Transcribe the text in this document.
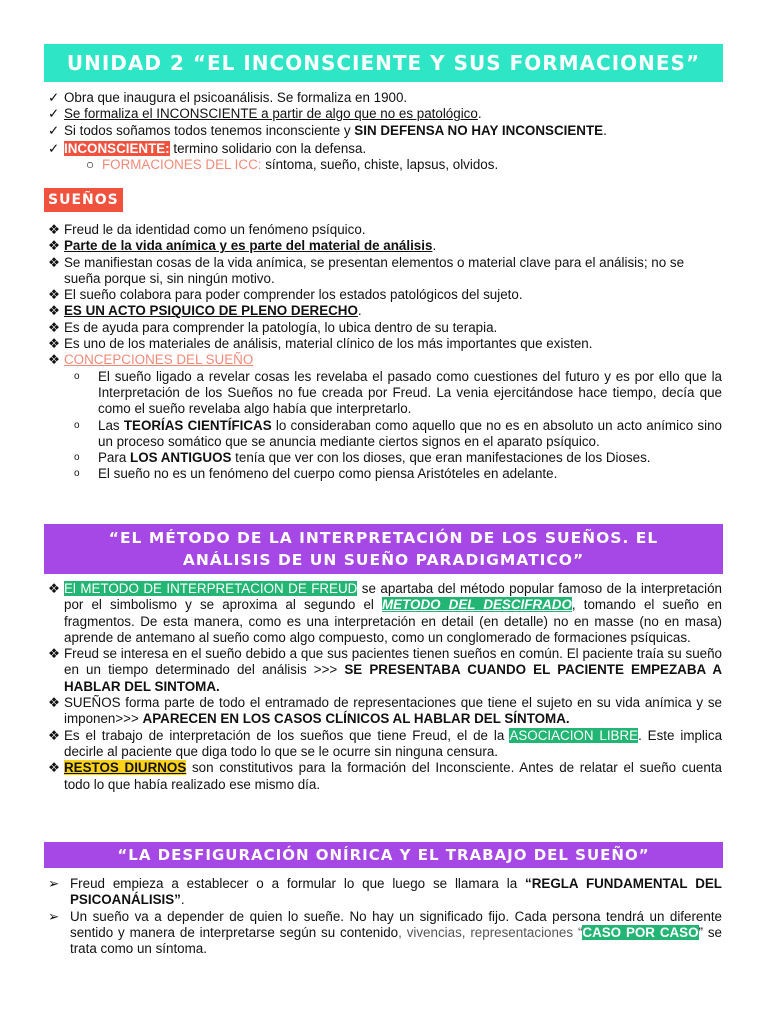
UNIDAD 2 “EL INCONSCIENTE Y SUS FORMACIONES”

✓ Obra que inaugura el psicoanálisis. Se formaliza en 1900.

✓ Se formaliza el INCONSCIENTE a partir de algo que no es patológico.

✓ Si todos soñamos todos tenemos inconsciente y SIN DEFENSA NO HAY INCONSCIENTE.

✓ INCONSCIENTE: termino solidario con la defensa.

○ FORMACIONES DEL ICC: síntoma, sueño, chiste, lapsus, olvidos.

SUEÑOS

❖ Freud le da identidad como un fenómeno psíquico.

❖ Parte de la vida anímica y es parte del material de análisis.

❖ Se manifiestan cosas de la vida anímica, se presentan elementos o material clave para el análisis; no se sueña porque si, sin ningún motivo.

❖ El sueño colabora para poder comprender los estados patológicos del sujeto.

❖ ES UN ACTO PSIQUICO DE PLENO DERECHO.

❖ Es de ayuda para comprender la patología, lo ubica dentro de su terapia.

❖ Es uno de los materiales de análisis, material clínico de los más importantes que existen.

❖ CONCEPCIONES DEL SUEÑO

o El sueño ligado a revelar cosas les revelaba el pasado como cuestiones del futuro y es por ello que la Interpretación de los Sueños no fue creada por Freud. La venia ejercitándose hace tiempo, decía que como el sueño revelaba algo había que interpretarlo.

o Las TEORÍAS CIENTÍFICAS lo consideraban como aquello que no es en absoluto un acto anímico sino un proceso somático que se anuncia mediante ciertos signos en el aparato psíquico.

o Para LOS ANTIGUOS tenía que ver con los dioses, que eran manifestaciones de los Dioses.

o El sueño no es un fenómeno del cuerpo como piensa Aristóteles en adelante.

“EL MÉTODO DE LA INTERPRETACIÓN DE LOS SUEÑOS. EL ANÁLISIS DE UN SUEÑO PARADIGMATICO”

❖ El METODO DE INTERPRETACION DE FREUD se apartaba del método popular famoso de la interpretación por el simbolismo y se aproxima al segundo el METODO DEL DESCIFRADO, tomando el sueño en fragmentos. De esta manera, como es una interpretación en detail (en detalle) no en masse (no en masa) aprende de antemano al sueño como algo compuesto, como un conglomerado de formaciones psíquicas.

❖ Freud se interesa en el sueño debido a que sus pacientes tienen sueños en común. El paciente traía su sueño en un tiempo determinado del análisis >>> SE PRESENTABA CUANDO EL PACIENTE EMPEZABA A HABLAR DEL SINTOMA.

❖ SUEÑOS forma parte de todo el entramado de representaciones que tiene el sujeto en su vida anímica y se imponen>>> APARECEN EN LOS CASOS CLÍNICOS AL HABLAR DEL SÍNTOMA.

❖ Es el trabajo de interpretación de los sueños que tiene Freud, el de la ASOCIACION LIBRE. Este implica decirle al paciente que diga todo lo que se le ocurre sin ninguna censura.

❖ RESTOS DIURNOS son constitutivos para la formación del Inconsciente. Antes de relatar el sueño cuenta todo lo que había realizado ese mismo día.

“LA DESFIGURACIÓN ONÍRICA Y EL TRABAJO DEL SUEÑO”

➢ Freud empieza a establecer o a formular lo que luego se llamara la “REGLA FUNDAMENTAL DEL PSICOANÁLISIS”.

➢ Un sueño va a depender de quien lo sueñe. No hay un significado fijo. Cada persona tendrá un diferente sentido y manera de interpretarse según su contenido, vivencias, representaciones “CASO POR CASO” se trata como un síntoma.
